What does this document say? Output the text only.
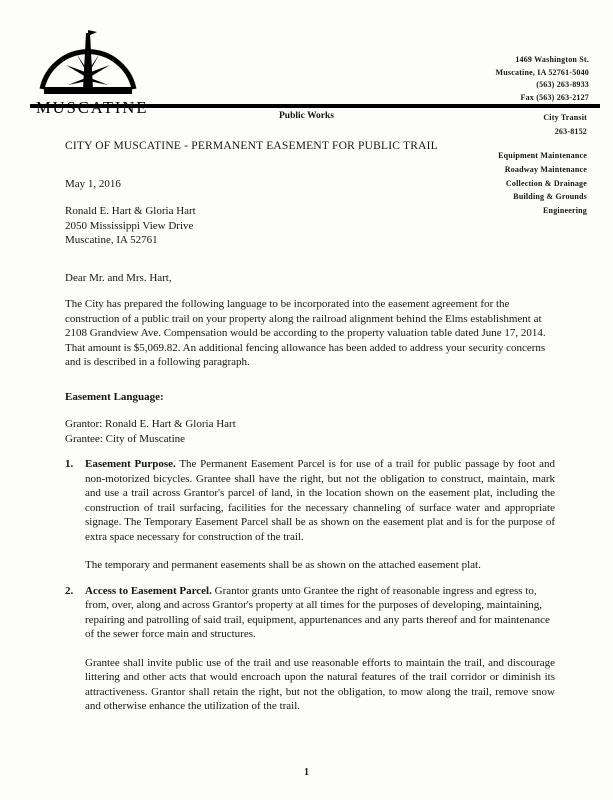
1469 Washington St.
Muscatine, IA 52761-5040
(563) 263-8933
Fax (563) 263-2127
Public Works	City Transit
263-8152
Equipment Maintenance
Roadway Maintenance
Collection & Drainage
Building & Grounds
Engineering
CITY OF MUSCATINE - PERMANENT EASEMENT FOR PUBLIC TRAIL
May 1, 2016
Ronald E. Hart & Gloria Hart
2050 Mississippi View Drive
Muscatine, IA 52761
Dear Mr. and Mrs. Hart,

The City has prepared the following language to be incorporated into the easement agreement for the construction of a public trail on your property along the railroad alignment behind the Elms establishment at 2108 Grandview Ave. Compensation would be according to the property valuation table dated June 17, 2014. That amount is $5,069.82. An additional fencing allowance has been added to address your security concerns and is described in a following paragraph.

Easement Language:
Grantor: Ronald E. Hart & Gloria Hart
Grantee: City of Muscatine
1.	Easement Purpose. The Permanent Easement Parcel is for use of a trail for public passage by foot and non-motorized bicycles. Grantee shall have the right, but not the obligation to construct, maintain, mark and use a trail across Grantor's parcel of land, in the location shown on the easement plat, including the construction of trail surfacing, facilities for the necessary channeling of surface water and appropriate signage. The Temporary Easement Parcel shall be as shown on the easement plat and is for the purpose of extra space necessary for construction of the trail.

The temporary and permanent easements shall be as shown on the attached easement plat.

2.	Access to Easement Parcel. Grantor grants unto Grantee the right of reasonable ingress and egress to, from, over, along and across Grantor's property at all times for the purposes of developing, maintaining, repairing and patrolling of said trail, equipment, appurtenances and any parts thereof and for maintenance of the sewer force main and structures.

Grantee shall invite public use of the trail and use reasonable efforts to maintain the trail, and discourage littering and other acts that would encroach upon the natural features of the trail corridor or diminish its attractiveness. Grantor shall retain the right, but not the obligation, to mow along the trail, remove snow and otherwise enhance the utilization of the trail.

1
